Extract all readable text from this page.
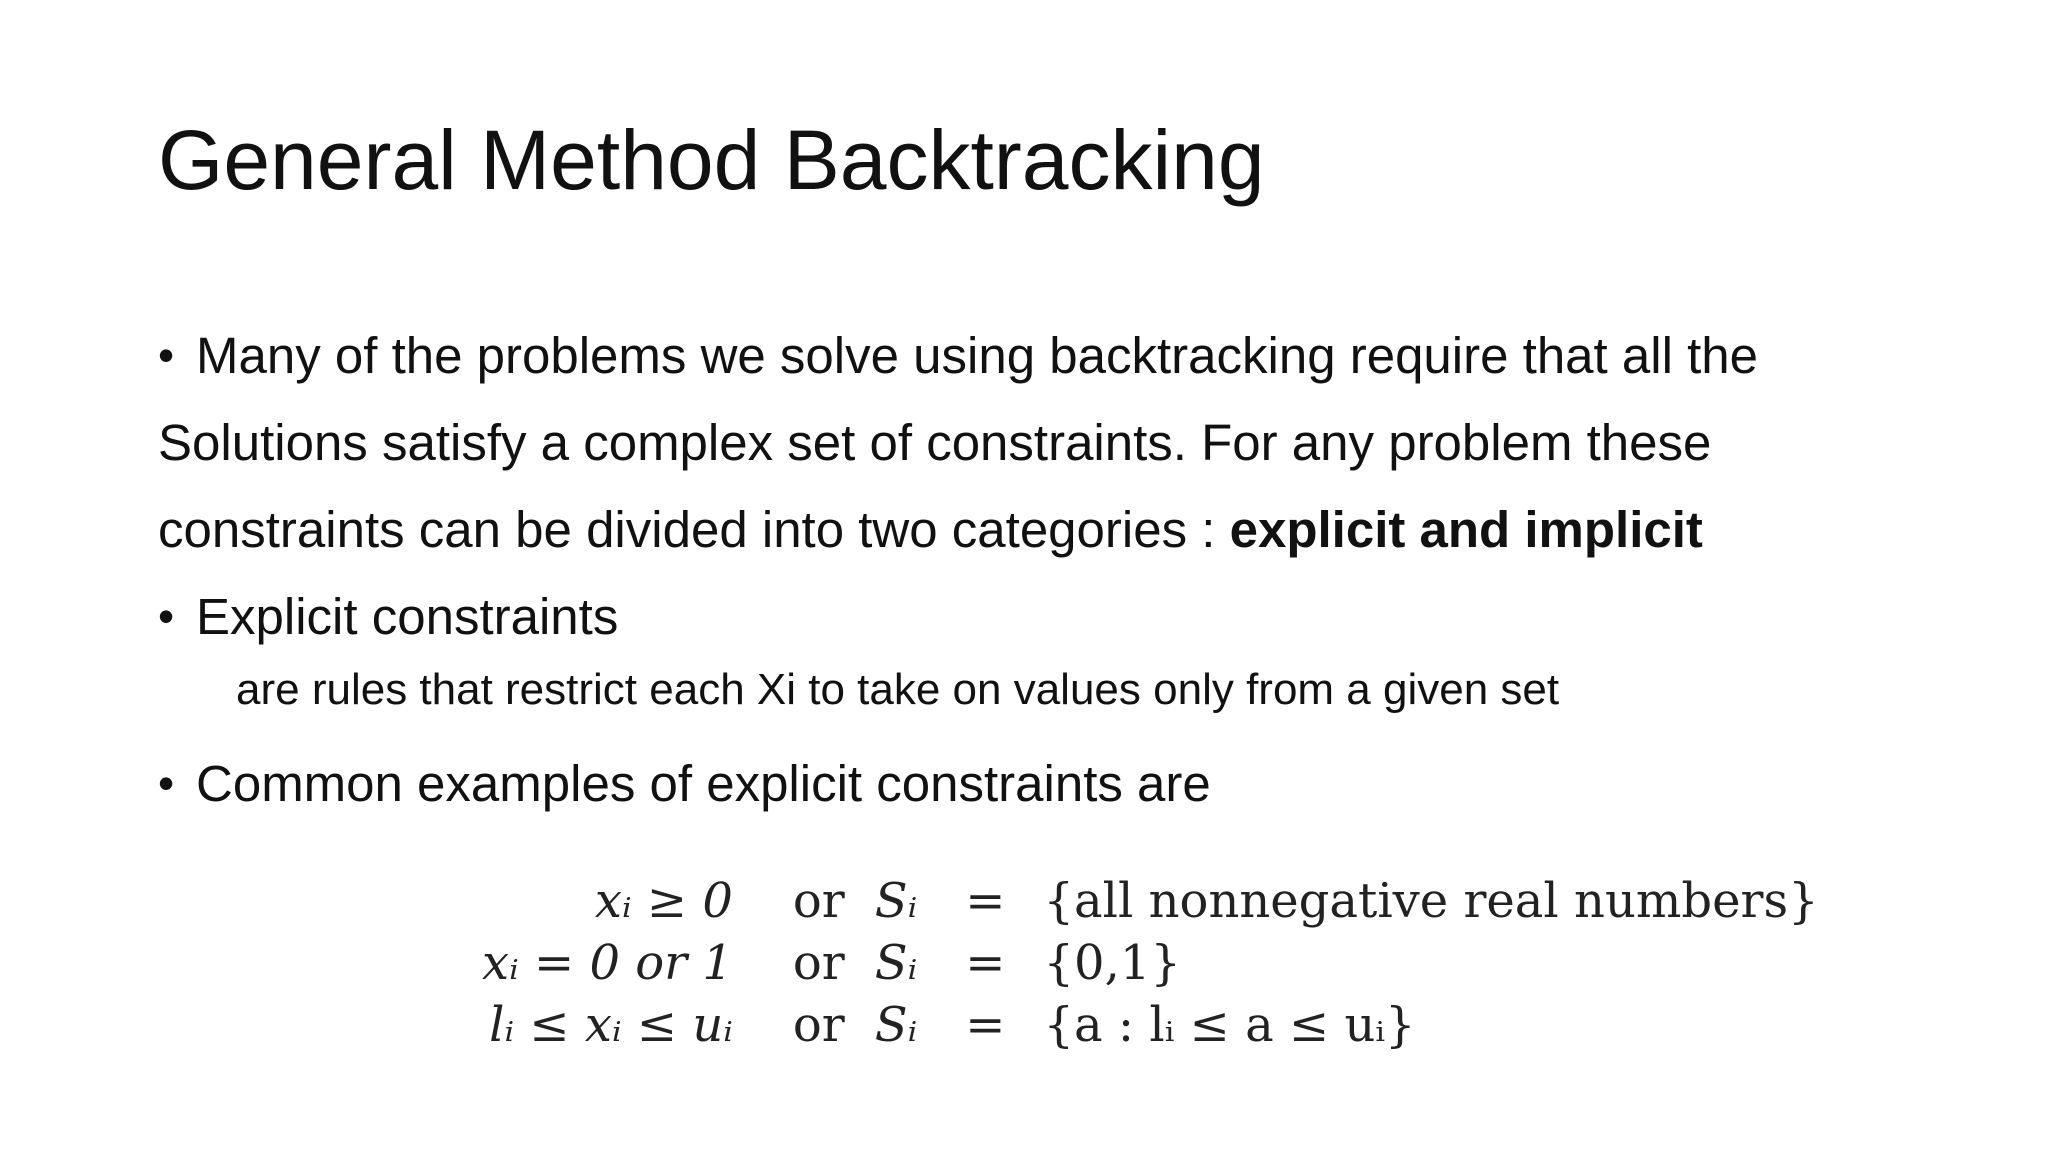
General Method Backtracking
• Many of the problems we solve using backtracking require that all the

Solutions satisfy a complex set of constraints. For any problem these

constraints can be divided into two categories : explicit and implicit

• Explicit constraints

are rules that restrict each Xi to take on values only from a given set
• Common examples of explicit constraints are

xᵢ ≥ 0	or	Sᵢ	=	{all nonnegative real numbers}
xᵢ = 0 or 1	or	Sᵢ	=	{0,1}
lᵢ ≤ xᵢ ≤ uᵢ	or	Sᵢ	=	{a : lᵢ ≤ a ≤ uᵢ}
